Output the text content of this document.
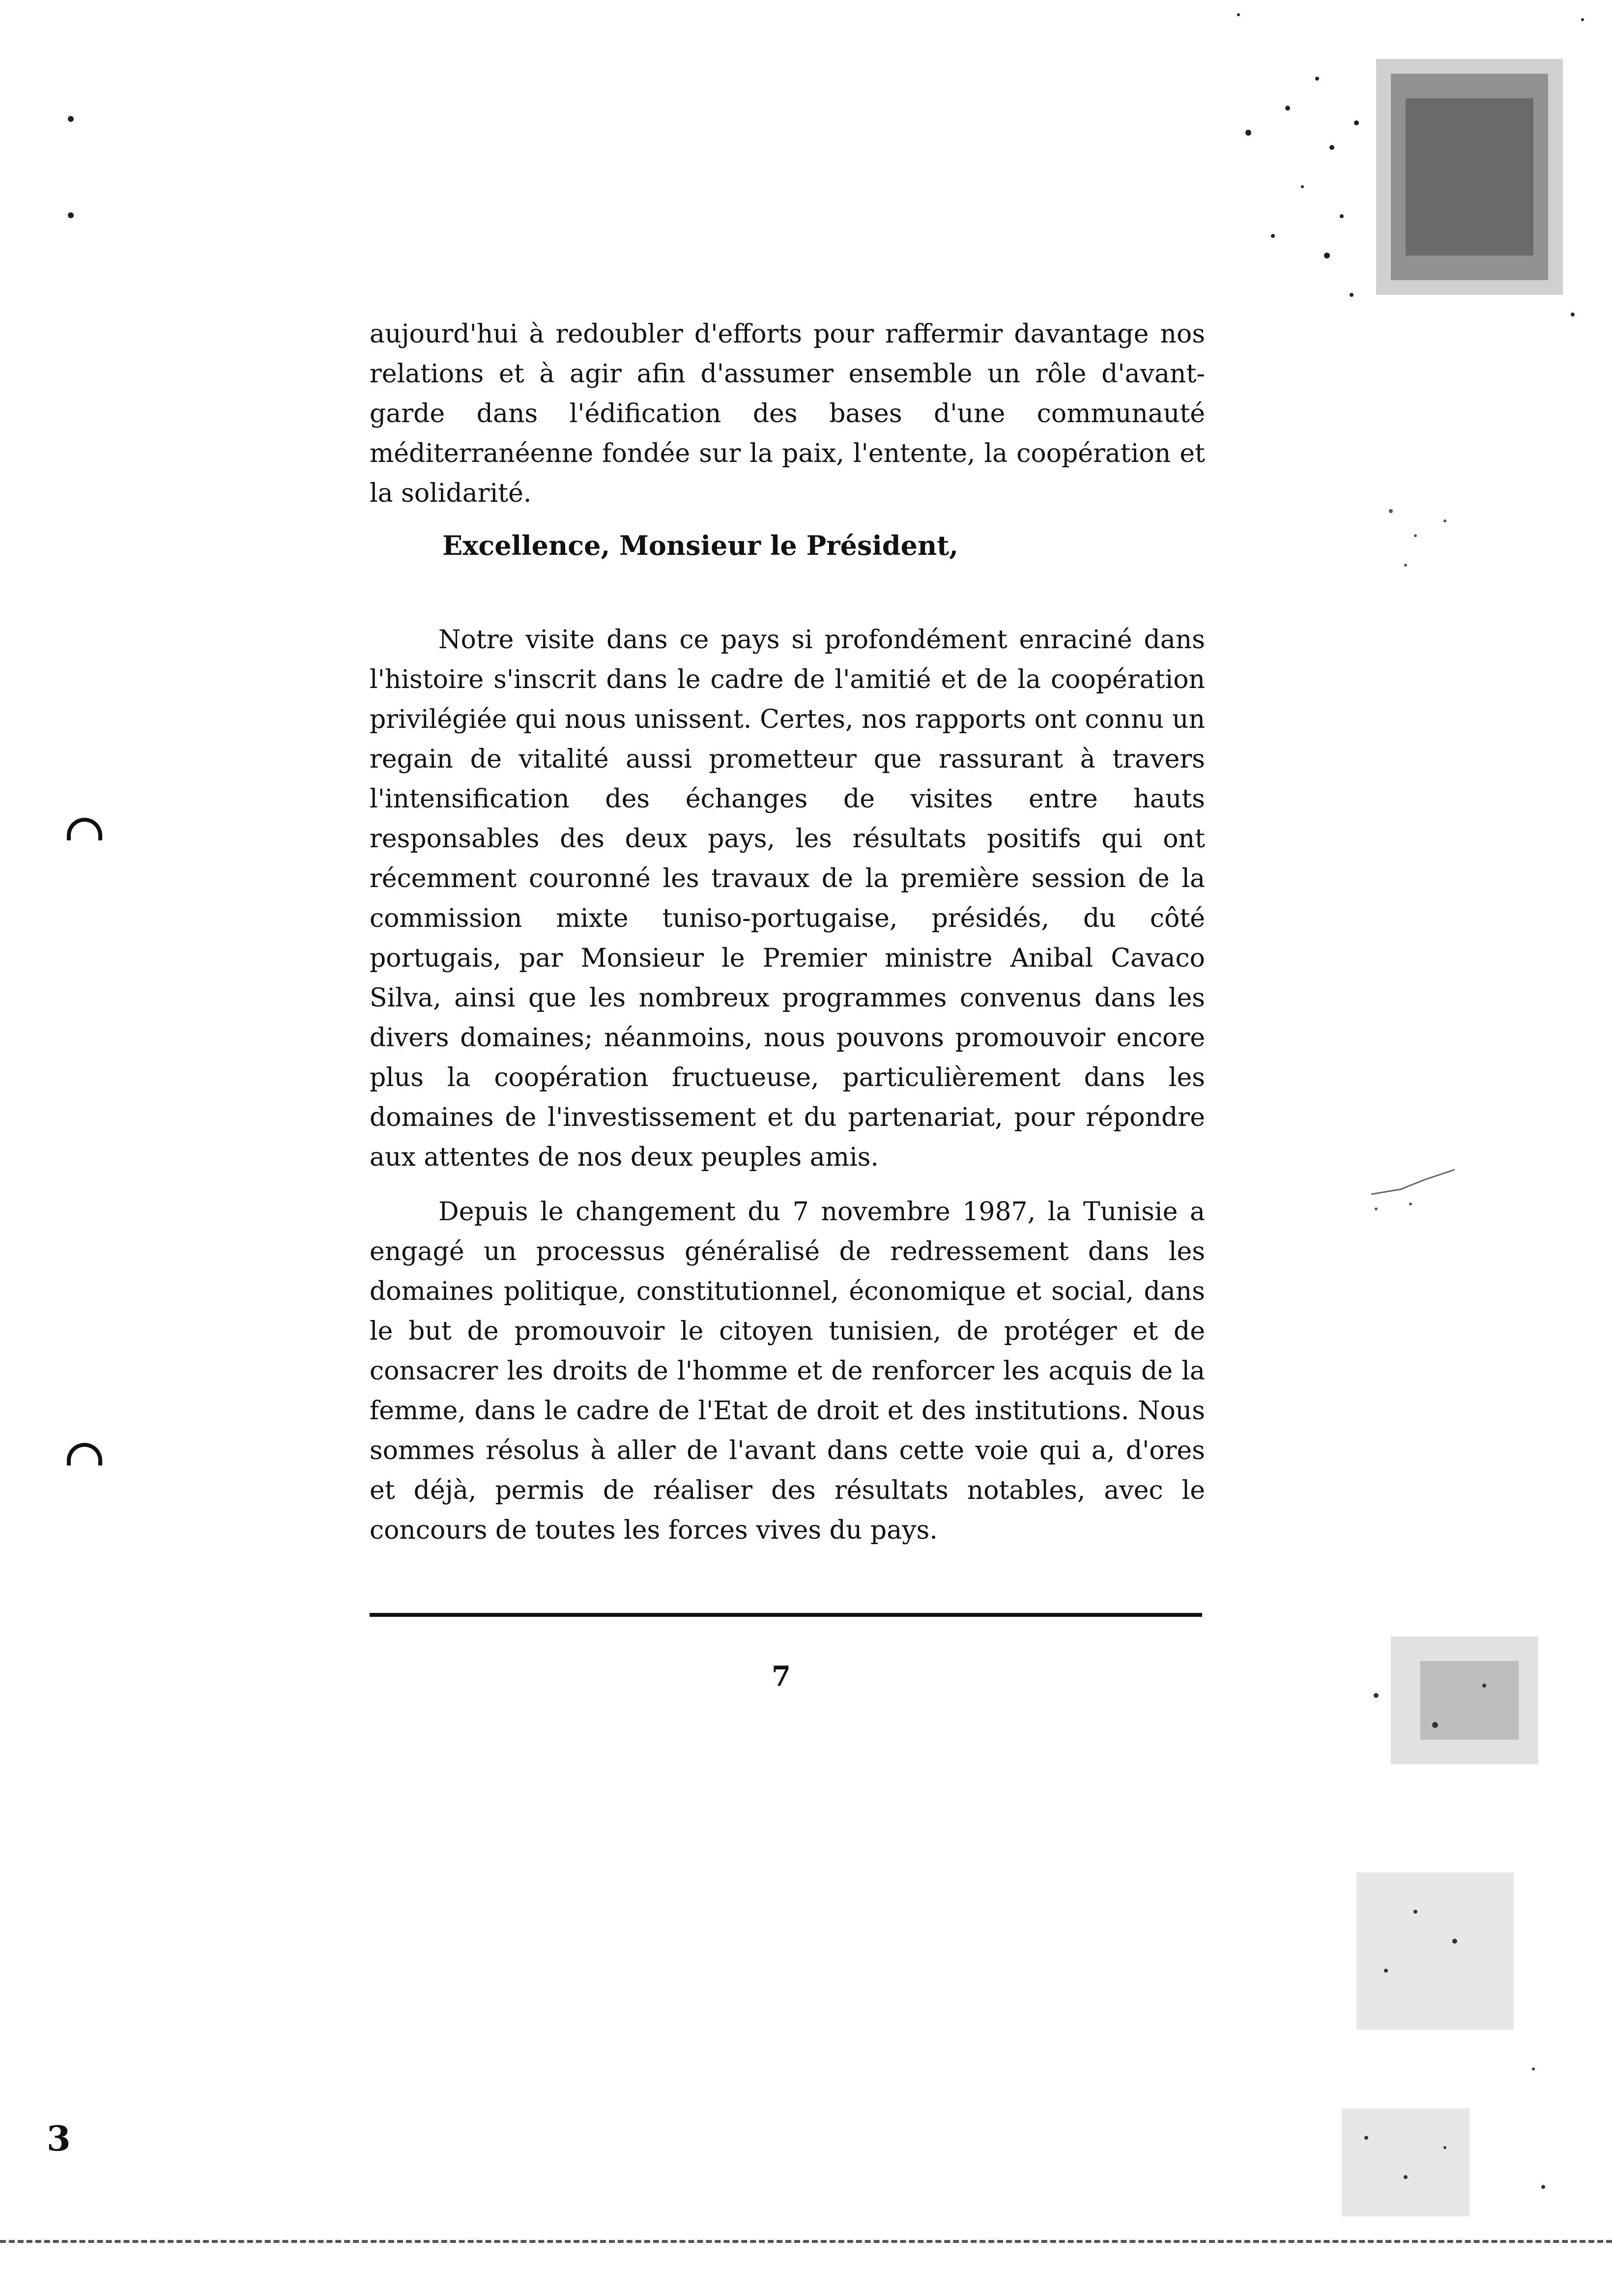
aujourd'hui à redoubler d'efforts pour raffermir davantage nos relations et à agir afin d'assumer ensemble un rôle d'avant-garde dans l'édification des bases d'une communauté méditerranéenne fondée sur la paix, l'entente, la coopération et la solidarité.

Notre visite dans ce pays si profondément enraciné dans l'histoire s'inscrit dans le cadre de l'amitié et de la coopération privilégiée qui nous unissent. Certes, nos rapports ont connu un regain de vitalité aussi prometteur que rassurant à travers l'intensification des échanges de visites entre hauts responsables des deux pays, les résultats positifs qui ont récemment couronné les travaux de la première session de la commission mixte tuniso-portugaise, présidés, du côté portugais, par Monsieur le Premier ministre Anibal Cavaco Silva, ainsi que les nombreux programmes convenus dans les divers domaines; néanmoins, nous pouvons promouvoir encore plus la coopération fructueuse, particulièrement dans les domaines de l'investissement et du partenariat, pour répondre aux attentes de nos deux peuples amis.

Depuis le changement du 7 novembre 1987, la Tunisie a engagé un processus généralisé de redressement dans les domaines politique, constitutionnel, économique et social, dans le but de promouvoir le citoyen tunisien, de protéger et de consacrer les droits de l'homme et de renforcer les acquis de la femme, dans le cadre de l'Etat de droit et des institutions. Nous sommes résolus à aller de l'avant dans cette voie qui a, d'ores et déjà, permis de réaliser des résultats notables, avec le concours de toutes les forces vives du pays.

Excellence, Monsieur le Président,
7
3
